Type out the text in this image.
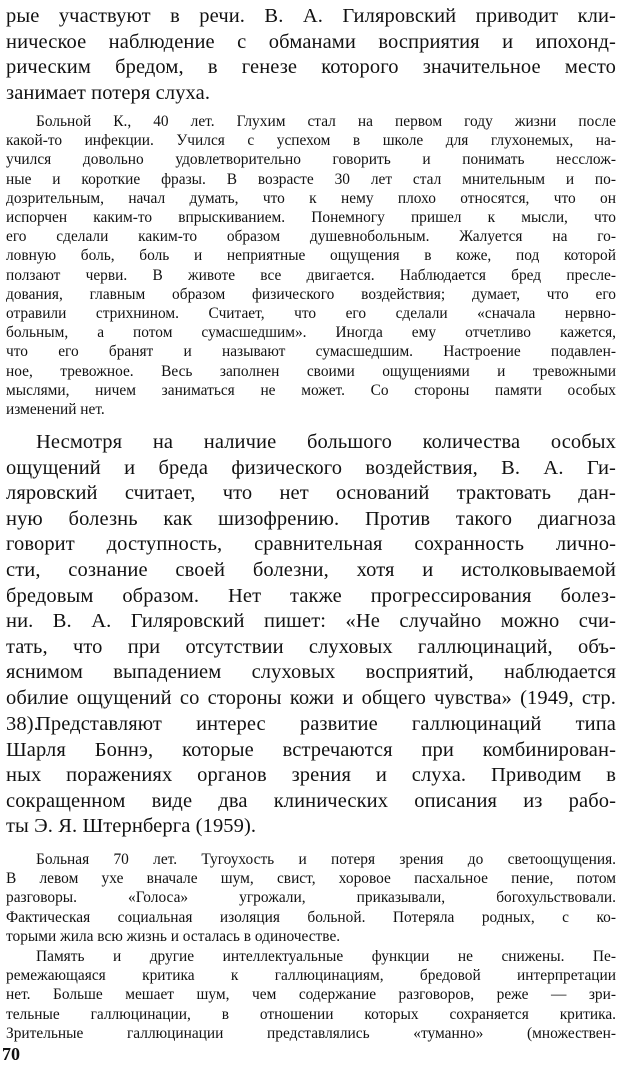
рые участвуют в речи. В. А. Гиляровский приводит кли-
ническое наблюдение с обманами восприятия и ипохонд-
рическим бредом, в генезе которого значительное место
занимает потеря слуха.

Больной К., 40 лет. Глухим стал на первом году жизни после
какой-то инфекции. Учился с успехом в школе для глухонемых, на-
учился довольно удовлетворительно говорить и понимать несслож-
ные и короткие фразы. В возрасте 30 лет стал мнительным и по-
дозрительным, начал думать, что к нему плохо относятся, что он
испорчен каким-то впрыскиванием. Понемногу пришел к мысли, что
его сделали каким-то образом душевнобольным. Жалуется на го-
ловную боль, боль и неприятные ощущения в коже, под которой
ползают черви. В животе все двигается. Наблюдается бред преслe-
дования, главным образом физического воздействия; думает, что его
отравили стрихнином. Считает, что его сделали «сначала нервно-
больным, а потом сумасшедшим». Иногда ему отчетливо кажется,
что его бранят и называют сумасшедшим. Настроение подавлен-
ное, тревожное. Весь заполнен своими ощущениями и тревожными
мыслями, ничем заниматься не может. Со стороны памяти особых
изменений нет.

Несмотря на наличие большого количества особых
ощущений и бреда физического воздействия, В. А. Ги-
ляровский считает, что нет оснований трактовать дан-
ную болезнь как шизофрению. Против такого диагноза
говорит доступность, сравнительная сохранность лично-
сти, сознание своей болезни, хотя и истолковываемой
бредовым образом. Нет также прогрессирования болез-
ни. В. А. Гиляровский пишет: «Не случайно можно счи-
тать, что при отсутствии слуховых галлюцинаций, объ-
яснимом выпадением слуховых восприятий, наблюдается
обилие ощущений со стороны кожи и общего чувства» (1949, стр. 38).

Представляют интерес развитие галлюцинаций типа
Шарля Боннэ, которые встречаются при комбинирован-
ных поражениях органов зрения и слуха. Приводим в
сокращенном виде два клинических описания из рабо-
ты Э. Я. Штернберга (1959).

Больная 70 лет. Тугоухость и потеря зрения до светоощущения.
В левом ухе вначале шум, свист, хоровое пасхальное пение, потом
разговоры. «Голоса» угрожали, приказывали, богохульствовали.
Фактическая социальная изоляция больной. Потеряла родных, с ко-
торыми жила всю жизнь и осталась в одиночестве.

Память и другие интеллектуальные функции не снижены. Пе-
ремежающаяся критика к галлюцинациям, бредовой интерпретации
нет. Больше мешает шум, чем содержание разговоров, реже — зри-
тельные галлюцинации, в отношении которых сохраняется критика.
Зрительные галлюцинации представлялись «туманно» (множествен-

70
